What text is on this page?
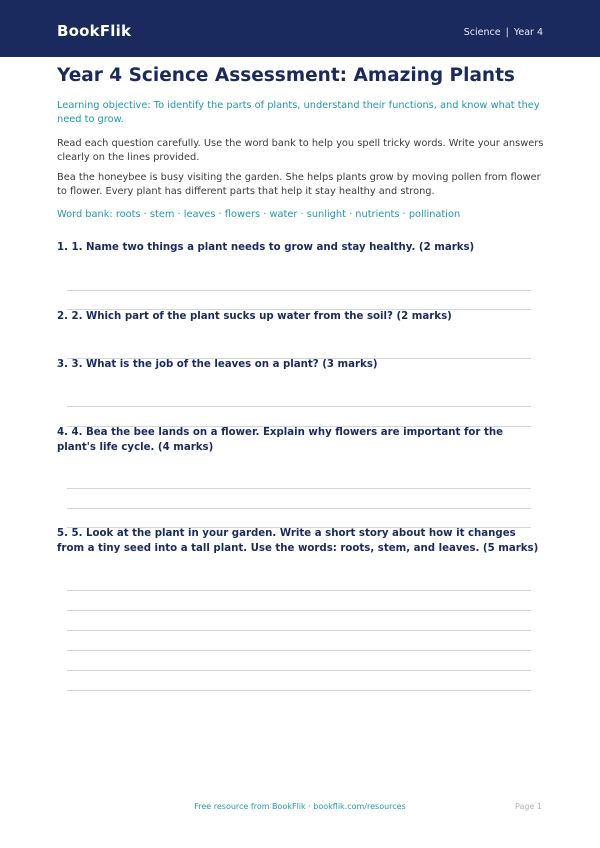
BookFlik	Science | Year 4
Year 4 Science Assessment: Amazing Plants
Learning objective: To identify the parts of plants, understand their functions, and know what they need to grow.
Read each question carefully. Use the word bank to help you spell tricky words. Write your answers clearly on the lines provided.
Bea the honeybee is busy visiting the garden. She helps plants grow by moving pollen from flower to flower. Every plant has different parts that help it stay healthy and strong.
Word bank: roots · stem · leaves · flowers · water · sunlight · nutrients · pollination
1. 1. Name two things a plant needs to grow and stay healthy. (2 marks)
2. 2. Which part of the plant sucks up water from the soil? (2 marks)
3. 3. What is the job of the leaves on a plant? (3 marks)
4. 4. Bea the bee lands on a flower. Explain why flowers are important for the plant's life cycle. (4 marks)
5. 5. Look at the plant in your garden. Write a short story about how it changes from a tiny seed into a tall plant. Use the words: roots, stem, and leaves. (5 marks)
Free resource from BookFlik · bookflik.com/resources	Page 1
